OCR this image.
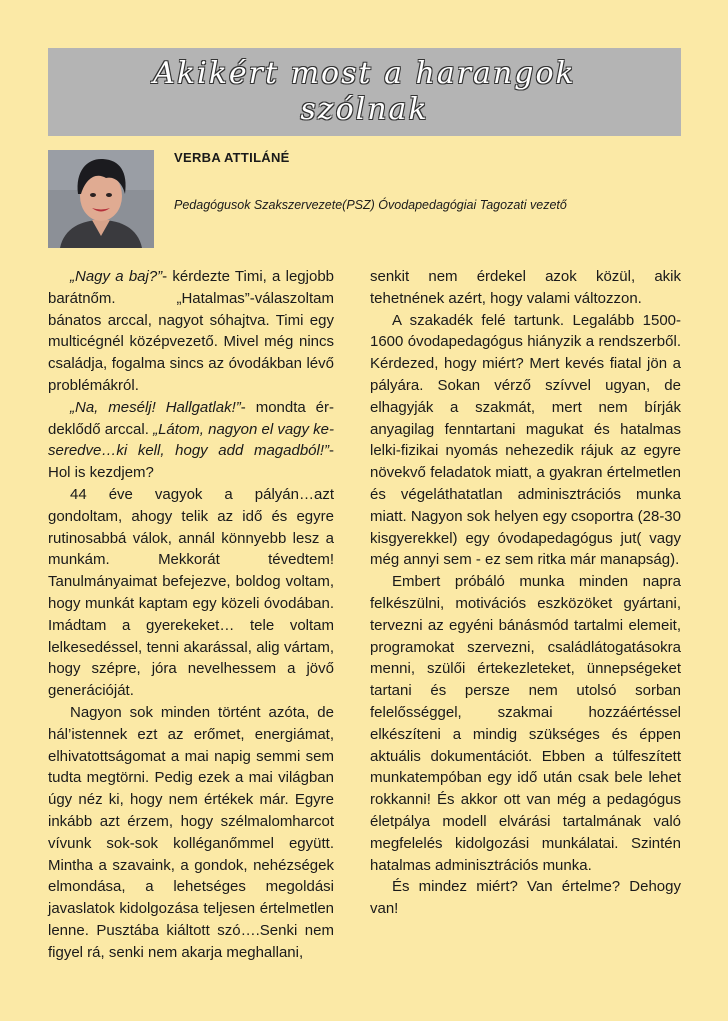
Akikért most a harangok
szólnak
VERBA ATTILÁNÉ
Pedagógusok Szakszervezete(PSZ) Óvodapedagógiai Tagozati vezető

„Nagy a baj?”- kérdezte Timi, a legjobb barátnőm. „Hatalmas”-válaszoltam bánatos arccal, nagyot sóhajtva. Timi egy multicégnél középvezető. Mivel még nincs családja, fogalma sincs az óvodákban lévő problémákról.

„Na, mesélj! Hallgatlak!”- mondta érdeklődő arccal. „Látom, nagyon el vagy keseredve…ki kell, hogy add magadból!”- Hol is kezdjem?

44 éve vagyok a pályán…azt gondoltam, ahogy telik az idő és egyre rutinosabbá válok, annál könnyebb lesz a munkám. Mekkorát tévedtem! Tanulmányaimat befejezve, boldog voltam, hogy munkát kaptam egy közeli óvodában. Imádtam a gyerekeket… tele voltam lelkesedéssel, tenni akarással, alig vártam, hogy szépre, jóra nevelhessem a jövő generációját.

Nagyon sok minden történt azóta, de hál’istennek ezt az erőmet, energiámat, elhivatottságomat a mai napig semmi sem tudta megtörni. Pedig ezek a mai világban úgy néz ki, hogy nem értékek már. Egyre inkább azt érzem, hogy szélmalomharcot vívunk sok-sok kolléganőmmel együtt. Mintha a szavaink, a gondok, nehézségek elmondása, a lehetséges megoldási javaslatok kidolgozása teljesen értelmetlen lenne. Pusztába kiáltott szó….Senki nem figyel rá, senki nem akarja meghallani,

senkit nem érdekel azok közül, akik tehetnének azért, hogy valami változzon.

A szakadék felé tartunk. Legalább 1500-1600 óvodapedagógus hiányzik a rendszerből. Kérdezed, hogy miért? Mert kevés fiatal jön a pályára. Sokan vérző szívvel ugyan, de elhagyják a szakmát, mert nem bírják anyagilag fenntartani magukat és hatalmas lelki-fizikai nyomás nehezedik rájuk az egyre növekvő feladatok miatt, a gyakran értelmetlen és végeláthatatlan adminisztrációs munka miatt. Nagyon sok helyen egy csoportra (28-30 kisgyerekkel) egy óvodapedagógus jut( vagy még annyi sem - ez sem ritka már manapság).

Embert próbáló munka minden napra felkészülni, motivációs eszközöket gyártani, tervezni az egyéni bánásmód tartalmi elemeit, programokat szervezni, családlátogatásokra menni, szülői értekezleteket, ünnepségeket tartani és persze nem utolsó sorban felelősséggel, szakmai hozzáértéssel elkészíteni a mindig szükséges és éppen aktuális dokumentációt. Ebben a túlfeszített munkatempóban egy idő után csak bele lehet rokkanni! És akkor ott van még a pedagógus életpálya modell elvárási tartalmának való megfelelés kidolgozási munkálatai. Szintén hatalmas adminisztrációs munka.

És mindez miért? Van értelme? Dehogy van!
